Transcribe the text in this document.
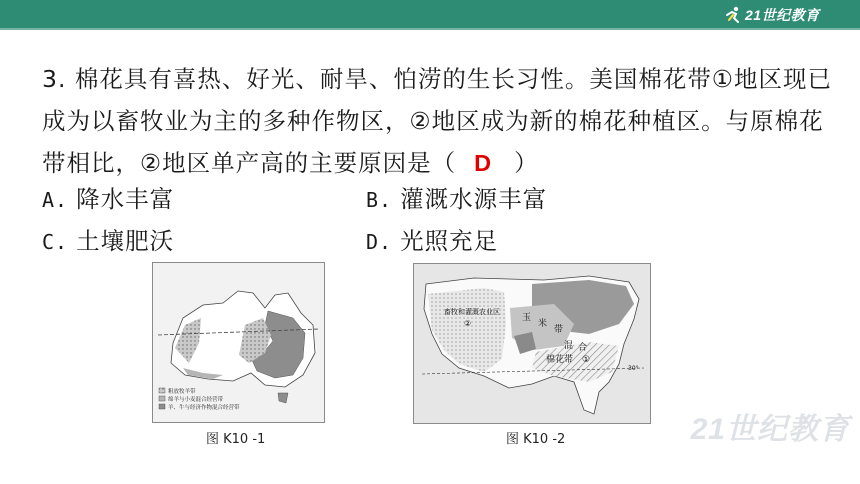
21世纪教育
3. 棉花具有喜热、好光、耐旱、怕涝的生长习性。美国棉花带①地区现已成为以畜牧业为主的多种作物区，②地区成为新的棉花种植区。与原棉花带相比，②地区单产高的主要原因是（ D ）
A. 降水丰富	B. 灌溉水源丰富
C. 土壤肥沃	D. 光照充足
粗放牧羊带
绵羊与小麦混合经营带
羊、牛与经济作物混合经营带
图 K10 -1
畜牧和灌溉农业区
②
棉花带 ①
玉
米
带
混 合
30°
图 K10 -2	21世纪教育
